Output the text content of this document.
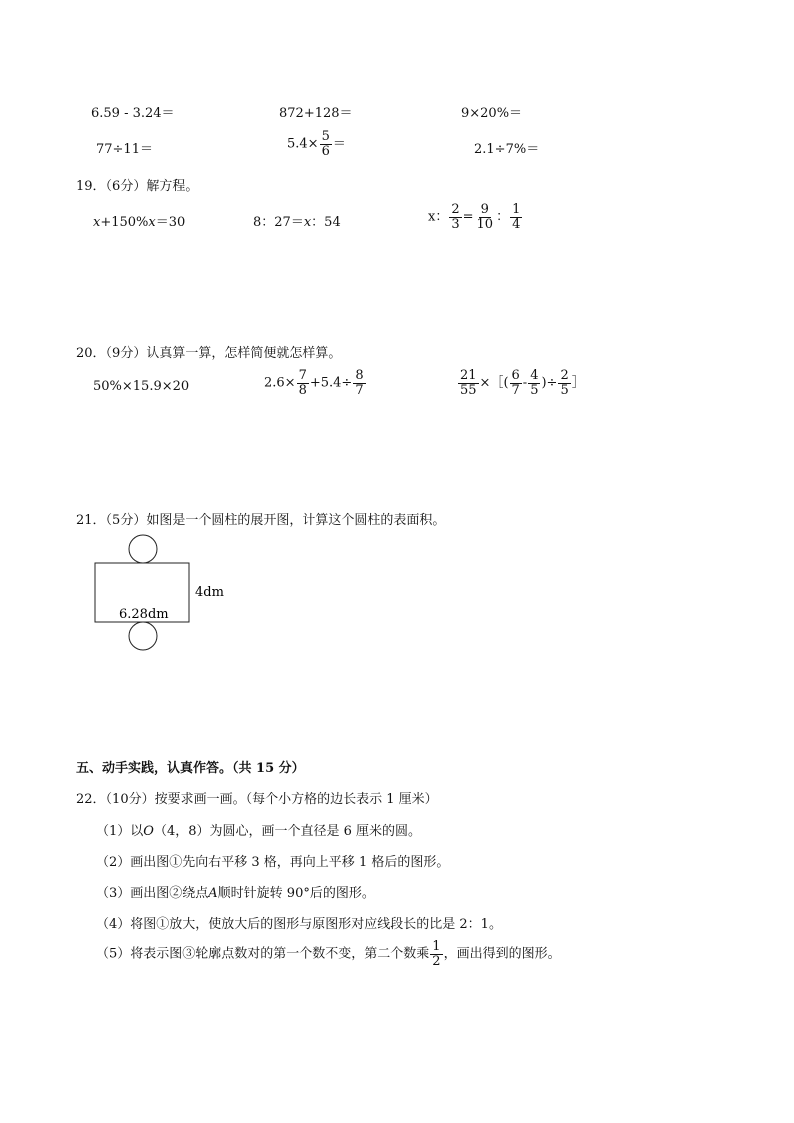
6.59 - 3.24＝	872+128＝	9×20%＝
77÷11＝	$5.4\times \frac{5}{6}$ ＝	2.1÷7%＝
19．（6分）解方程。
x+150%x＝30	8：27＝x：54	x： $\frac{2}{3} = \frac{9}{10}$ ： $\frac{1}{4}$
20．（9分）认真算一算，怎样简便就怎样算。
50%×15.9×20	$2.6\times \frac{7}{8} +5.4\div \frac{8}{7}$	$\frac{21}{55}$ ×［( $\frac{6}{7} - \frac{4}{5}$ )÷ $\frac{2}{5}$ ］
21．（5分）如图是一个圆柱的展开图，计算这个圆柱的表面积。
4dm
6.28dm
五、动手实践，认真作答。（共 15 分）
22．（10分）按要求画一画。（每个小方格的边长表示 1 厘米）
（1）以O（4，8）为圆心，画一个直径是 6 厘米的圆。
（2）画出图①先向右平移 3 格，再向上平移 1 格后的图形。
（3）画出图②绕点A顺时针旋转 90°后的图形。
（4）将图①放大，使放大后的图形与原图形对应线段长的比是 2：1。
（5）将表示图③轮廓点数对的第一个数不变，第二个数乘 $\frac{1}{2}$ ，画出得到的图形。
